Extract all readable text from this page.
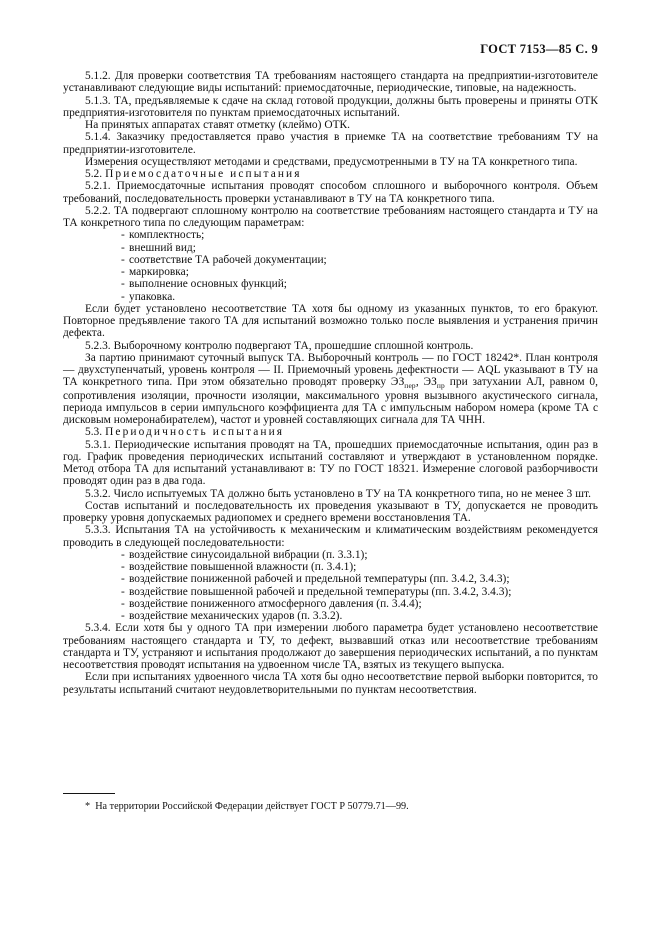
ГОСТ 7153—85 С. 9

5.1.2. Для проверки соответствия ТА требованиям настоящего стандарта на предприятии-изготовителе устанавливают следующие виды испытаний: приемосдаточные, периодические, типовые, на надежность.

5.1.3. ТА, предъявляемые к сдаче на склад готовой продукции, должны быть проверены и приняты ОТК предприятия-изготовителя по пунктам приемосдаточных испытаний.

На принятых аппаратах ставят отметку (клеймо) ОТК.

5.1.4. Заказчику предоставляется право участия в приемке ТА на соответствие требованиям ТУ на предприятии-изготовителе.

Измерения осуществляют методами и средствами, предусмотренными в ТУ на ТА конкретного типа.

5.2. Приемосдаточные испытания

5.2.1. Приемосдаточные испытания проводят способом сплошного и выборочного контроля. Объем требований, последовательность проверки устанавливают в ТУ на ТА конкретного типа.

5.2.2. ТА подвергают сплошному контролю на соответствие требованиям настоящего стандарта и ТУ на ТА конкретного типа по следующим параметрам:

- комплектность;
- внешний вид;
- соответствие ТА рабочей документации;
- маркировка;
- выполнение основных функций;
- упаковка.

Если будет установлено несоответствие ТА хотя бы одному из указанных пунктов, то его бракуют. Повторное предъявление такого ТА для испытаний возможно только после выявления и устранения причин дефекта.

5.2.3. Выборочному контролю подвергают ТА, прошедшие сплошной контроль.

За партию принимают суточный выпуск ТА. Выборочный контроль — по ГОСТ 18242*. План контроля — двухступенчатый, уровень контроля — II. Приемочный уровень дефектности — AQL указывают в ТУ на ТА конкретного типа. При этом обязательно проводят проверку $ЭЗ_{пер}$, $ЭЗ_{пр}$ при затухании АЛ, равном 0, сопротивления изоляции, прочности изоляции, максимального уровня вызывного акустического сигнала, периода импульсов в серии импульсного коэффициента для ТА с импульсным набором номера (кроме ТА с дисковым номеронабирателем), частот и уровней составляющих сигнала для ТА ЧНН.

5.3. Периодичность испытания

5.3.1. Периодические испытания проводят на ТА, прошедших приемосдаточные испытания, один раз в год. График проведения периодических испытаний составляют и утверждают в установленном порядке. Метод отбора ТА для испытаний устанавливают в: ТУ по ГОСТ 18321. Измерение слоговой разборчивости проводят один раз в два года.

5.3.2. Число испытуемых ТА должно быть установлено в ТУ на ТА конкретного типа, но не менее 3 шт.

Состав испытаний и последовательность их проведения указывают в ТУ, допускается не проводить проверку уровня допускаемых радиопомех и среднего времени восстановления ТА.

5.3.3. Испытания ТА на устойчивость к механическим и климатическим воздействиям рекомендуется проводить в следующей последовательности:

- воздействие синусоидальной вибрации (п. 3.3.1);
- воздействие повышенной влажности (п. 3.4.1);
- воздействие пониженной рабочей и предельной температуры (пп. 3.4.2, 3.4.3);
- воздействие повышенной рабочей и предельной температуры (пп. 3.4.2, 3.4.3);
- воздействие пониженного атмосферного давления (п. 3.4.4);
- воздействие механических ударов (п. 3.3.2).

5.3.4. Если хотя бы у одного ТА при измерении любого параметра будет установлено несоответствие требованиям настоящего стандарта и ТУ, то дефект, вызвавший отказ или несоответствие требованиям стандарта и ТУ, устраняют и испытания продолжают до завершения периодических испытаний, а по пунктам несоответствия проводят испытания на удвоенном числе ТА, взятых из текущего выпуска.

Если при испытаниях удвоенного числа ТА хотя бы одно несоответствие первой выборки повторится, то результаты испытаний считают неудовлетворительными по пунктам несоответствия.

* На территории Российской Федерации действует ГОСТ Р 50779.71—99.
